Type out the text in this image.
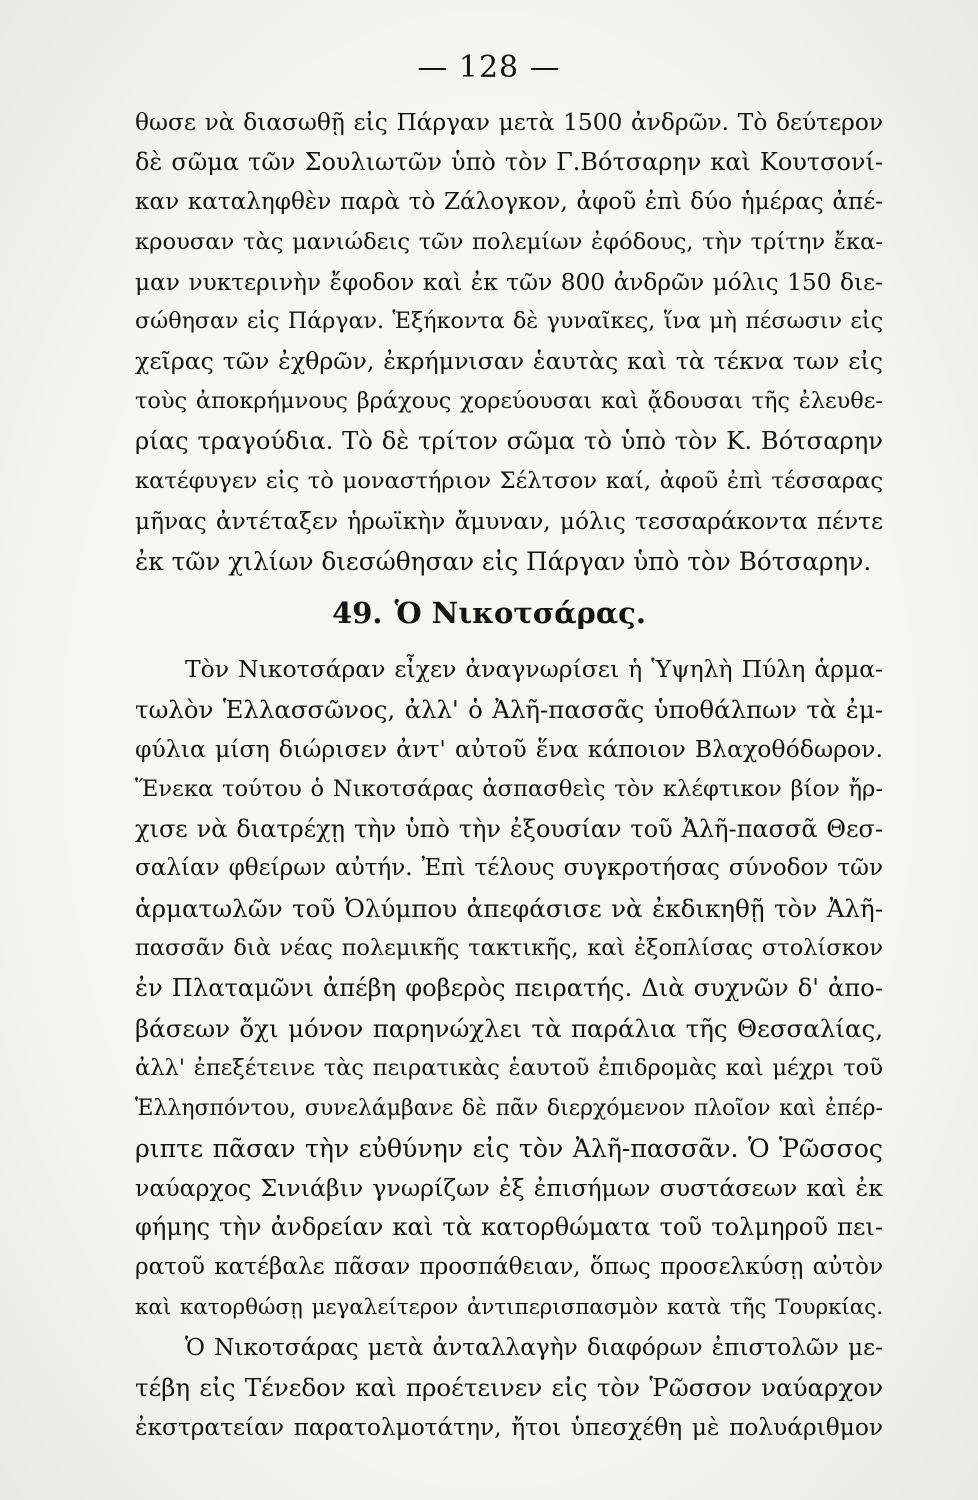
— 128 —
θωσε νὰ διασωθῇ εἰς Πάργαν μετὰ 1500 ἀνδρῶν. Τὸ δεύτερον
δὲ σῶμα τῶν Σουλιωτῶν ὑπὸ τὸν Γ.Βότσαρην καὶ Κουτσονί-
καν καταληφθὲν παρὰ τὸ Ζάλογκον, ἀφοῦ ἐπὶ δύο ἡμέρας ἀπέ-
κρουσαν τὰς μανιώδεις τῶν πολεμίων ἐφόδους, τὴν τρίτην ἔκα-
μαν νυκτερινὴν ἔφοδον καὶ ἐκ τῶν 800 ἀνδρῶν μόλις 150 διε-
σώθησαν εἰς Πάργαν. Ἑξήκοντα δὲ γυναῖκες, ἵνα μὴ πέσωσιν εἰς
χεῖρας τῶν ἐχθρῶν, ἐκρήμνισαν ἑαυτὰς καὶ τὰ τέκνα των εἰς
τοὺς ἀποκρήμνους βράχους χορεύουσαι καὶ ᾄδουσαι τῆς ἐλευθε-
ρίας τραγούδια. Τὸ δὲ τρίτον σῶμα τὸ ὑπὸ τὸν Κ. Βότσαρην
κατέφυγεν εἰς τὸ μοναστήριον Σέλτσον καί, ἀφοῦ ἐπὶ τέσσαρας
μῆνας ἀντέταξεν ἡρωϊκὴν ἄμυναν, μόλις τεσσαράκοντα πέντε
ἐκ τῶν χιλίων διεσώθησαν εἰς Πάργαν ὑπὸ τὸν Βότσαρην.
49. Ὁ Νικοτσάρας.
Τὸν Νικοτσάραν εἶχεν ἀναγνωρίσει ἡ Ὑψηλὴ Πύλη ἁρμα-
τωλὸν Ἑλλασσῶνος, ἀλλ' ὁ Ἀλῆ-πασσᾶς ὑποθάλπων τὰ ἐμ-
φύλια μίση διώρισεν ἀντ' αὐτοῦ ἕνα κάποιον Βλαχοθόδωρον.
Ἕνεκα τούτου ὁ Νικοτσάρας ἀσπασθεὶς τὸν κλέφτικον βίον ἤρ-
χισε νὰ διατρέχῃ τὴν ὑπὸ τὴν ἐξουσίαν τοῦ Ἀλῆ-πασσᾶ Θεσ-
σαλίαν φθείρων αὐτήν. Ἐπὶ τέλους συγκροτήσας σύνοδον τῶν
ἁρματωλῶν τοῦ Ὀλύμπου ἀπεφάσισε νὰ ἐκδικηθῇ τὸν Ἀλῆ-
πασσᾶν διὰ νέας πολεμικῆς τακτικῆς, καὶ ἐξοπλίσας στολίσκον
ἐν Πλαταμῶνι ἀπέβη φοβερὸς πειρατής. Διὰ συχνῶν δ' ἀπο-
βάσεων ὄχι μόνον παρηνώχλει τὰ παράλια τῆς Θεσσαλίας,
ἀλλ' ἐπεξέτεινε τὰς πειρατικὰς ἑαυτοῦ ἐπιδρομὰς καὶ μέχρι τοῦ
Ἑλλησπόντου, συνελάμβανε δὲ πᾶν διερχόμενον πλοῖον καὶ ἐπέρ-
ριπτε πᾶσαν τὴν εὐθύνην εἰς τὸν Ἀλῆ-πασσᾶν. Ὁ Ῥῶσσος
ναύαρχος Σινιάβιν γνωρίζων ἐξ ἐπισήμων συστάσεων καὶ ἐκ
φήμης τὴν ἀνδρείαν καὶ τὰ κατορθώματα τοῦ τολμηροῦ πει-
ρατοῦ κατέβαλε πᾶσαν προσπάθειαν, ὅπως προσελκύσῃ αὐτὸν
καὶ κατορθώσῃ μεγαλείτερον ἀντιπερισπασμὸν κατὰ τῆς Τουρκίας.
Ὁ Νικοτσάρας μετὰ ἀνταλλαγὴν διαφόρων ἐπιστολῶν με-
τέβη εἰς Τένεδον καὶ προέτεινεν εἰς τὸν Ῥῶσσον ναύαρχον
ἐκστρατείαν παρατολμοτάτην, ἤτοι ὑπεσχέθη μὲ πολυάριθμον
